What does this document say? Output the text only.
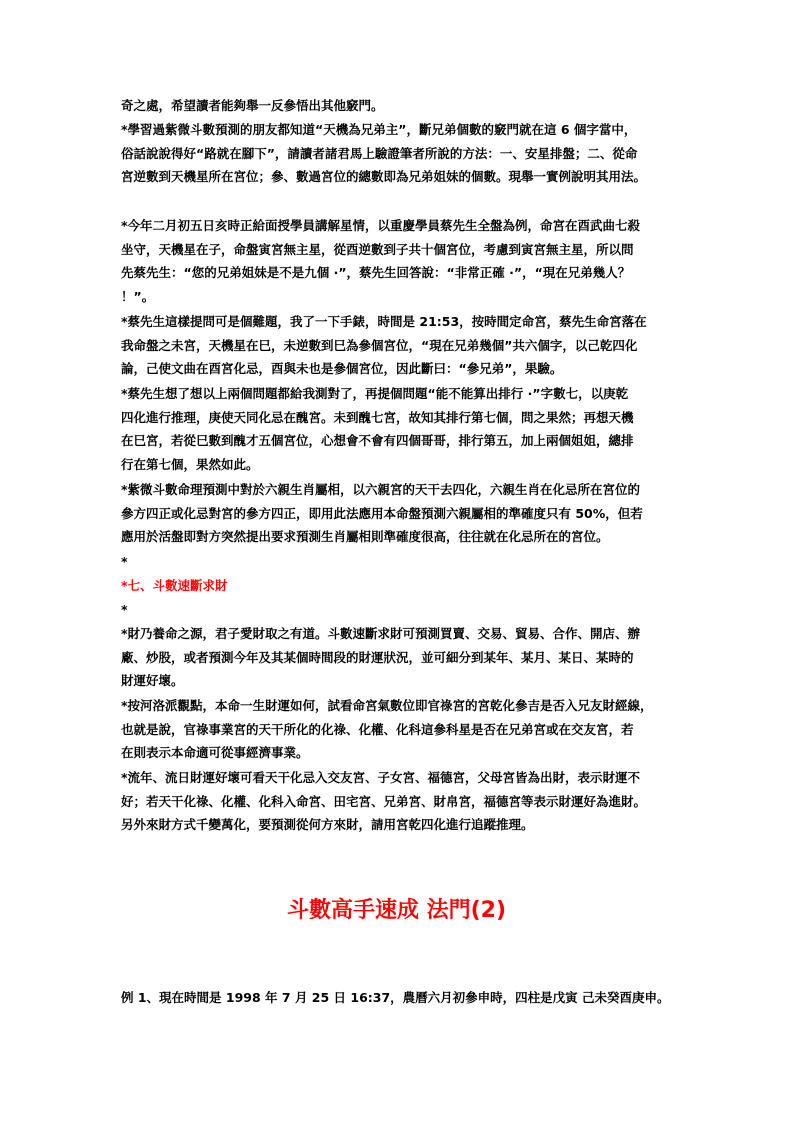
奇之處，希望讀者能夠舉一反參悟出其他竅門。

*學習過紫微斗數預測的朋友都知道“天機為兄弟主”，斷兄弟個數的竅門就在這 6 個字當中，
俗話說說得好“路就在腳下”，請讀者諸君馬上驗證筆者所說的方法：一、安星排盤；二、從命
宮逆數到天機星所在宮位；參、數過宮位的總數即為兄弟姐妹的個數。現舉一實例說明其用法。

*今年二月初五日亥時正給面授學員講解星情，以重慶學員蔡先生全盤為例，命宮在酉武曲七殺
坐守，天機星在子，命盤寅宮無主星，從酉逆數到子共十個宮位，考慮到寅宮無主星，所以問
先蔡先生：“您的兄弟姐妹是不是九個 ·”，蔡先生回答說：“非常正確 ·”，“現在兄弟幾人？
！”。

*蔡先生這樣提問可是個難題，我了一下手錶，時間是 21:53，按時間定命宮，蔡先生命宮落在
我命盤之未宮，天機星在巳，未逆數到巳為參個宮位，“現在兄弟幾個”共六個字，以己乾四化
論，己使文曲在酉宮化忌，酉與未也是參個宮位，因此斷曰：“參兄弟”，果驗。

*蔡先生想了想以上兩個問題都給我測對了，再提個問題“能不能算出排行 ·”字數七，以庚乾
四化進行推理，庚使天同化忌在醜宮。未到醜七宮，故知其排行第七個，問之果然；再想天機
在巳宮，若從巳數到醜才五個宮位，心想會不會有四個哥哥，排行第五，加上兩個姐姐，總排
行在第七個，果然如此。

*紫微斗數命理預測中對於六親生肖屬相，以六親宮的天干去四化，六親生肖在化忌所在宮位的
參方四正或化忌對宮的參方四正，即用此法應用本命盤預測六親屬相的準確度只有 50%，但若
應用於活盤即對方突然提出要求預測生肖屬相則準確度很高，往往就在化忌所在的宮位。

*

*七、斗數速斷求財

*

*財乃養命之源，君子愛財取之有道。斗數速斷求財可預測買賣、交易、貿易、合作、開店、辦
廠、炒股，或者預測今年及其某個時間段的財運狀況，並可細分到某年、某月、某日、某時的
財運好壞。

*按河洛派觀點，本命一生財運如何，試看命宮氣數位即官祿宮的宮乾化參吉是否入兄友財經線，
也就是說，官祿事業宮的天干所化的化祿、化權、化科這參科星是否在兄弟宮或在交友宮，若
在則表示本命適可從事經濟事業。

*流年、流日財運好壞可看天干化忌入交友宮、子女宮、福德宮，父母宮皆為出財，表示財運不
好；若天干化祿、化權、化科入命宮、田宅宮、兄弟宮、財帛宮，福德宮等表示財運好為進財。
另外來財方式千變萬化，要預測從何方來財，請用宮乾四化進行追蹤推理。

斗數高手速成 法門(2)

例 1、現在時間是 1998 年 7 月 25 日 16:37，農曆六月初參申時，四柱是戊寅 己未癸酉庚申。
